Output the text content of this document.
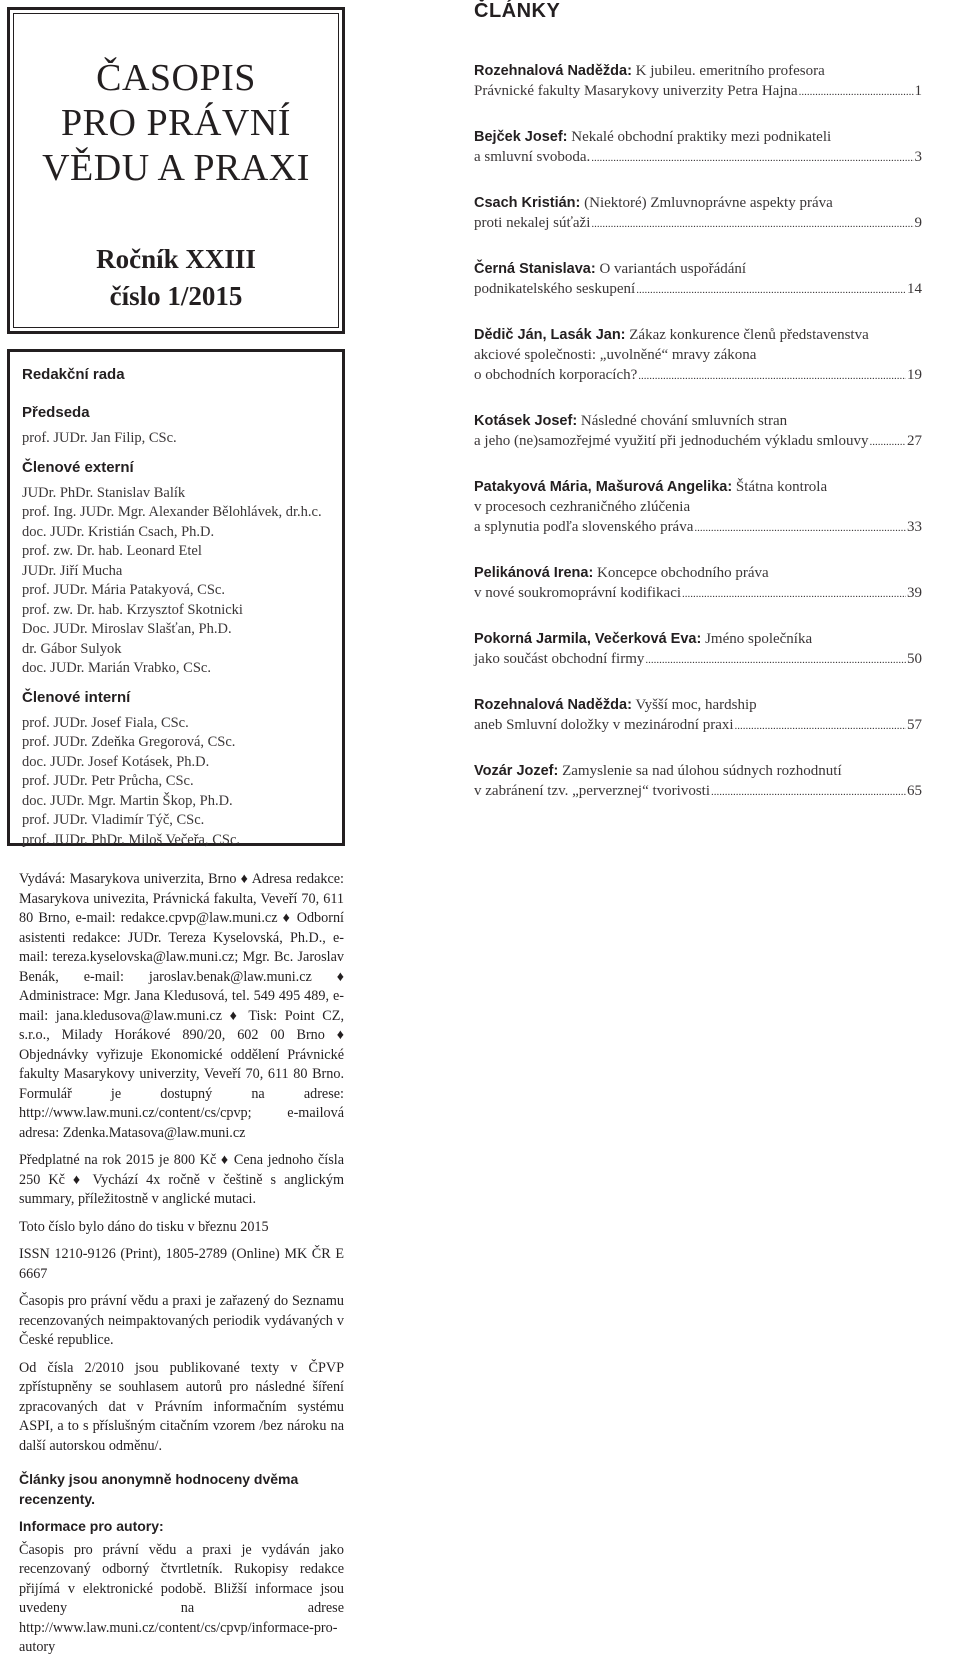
ČASOPIS
PRO PRÁVNÍ
VĚDU A PRAXI
Ročník XXIII
číslo 1/2015
Redakční rada
Předseda
prof. JUDr. Jan Filip, CSc.
Členové externí
JUDr. PhDr. Stanislav Balík
prof. Ing. JUDr. Mgr. Alexander Bělohlávek, dr.h.c.
doc. JUDr. Kristián Csach, Ph.D.
prof. zw. Dr. hab. Leonard Etel
JUDr. Jiří Mucha
prof. JUDr. Mária Patakyová, CSc.
prof. zw. Dr. hab. Krzysztof Skotnicki
Doc. JUDr. Miroslav Slašťan, Ph.D.
dr. Gábor Sulyok
doc. JUDr. Marián Vrabko, CSc.
Členové interní
prof. JUDr. Josef Fiala, CSc.
prof. JUDr. Zdeňka Gregorová, CSc.
doc. JUDr. Josef Kotásek, Ph.D.
prof. JUDr. Petr Průcha, CSc.
doc. JUDr. Mgr. Martin Škop, Ph.D.
prof. JUDr. Vladimír Týč, CSc.
prof. JUDr. PhDr. Miloš Večeřa, CSc.

Vydává: Masarykova univerzita, Brno ♦ Adresa redakce: Masarykova univezita, Právnická fakulta, Veveří 70, 611 80 Brno, e-mail: redakce.cpvp@law.muni.cz ♦ Odborní asistenti redakce: JUDr. Tereza Kyselovská, Ph.D., e-mail: tereza.kyselovska@law.muni.cz; Mgr. Bc. Jaroslav Benák, e-mail: jaroslav.benak@law.muni.cz ♦ Administrace: Mgr. Jana Kledusová, tel. 549 495 489, e-mail: jana.kledusova@law.muni.cz ♦ Tisk: Point CZ, s.r.o., Milady Horákové 890/20, 602 00 Brno ♦ Objednávky vyřizuje Ekonomické oddělení Právnické fakulty Masarykovy univerzity, Veveří 70, 611 80 Brno. Formulář je dostupný na adrese: http://www.law.muni.cz/content/cs/cpvp; e-mailová adresa: Zdenka.Matasova@law.muni.cz

Předplatné na rok 2015 je 800 Kč ♦ Cena jednoho čísla 250 Kč ♦ Vychází 4x ročně v češtině s anglickým summary, příležitostně v anglické mutaci.

Toto číslo bylo dáno do tisku v březnu 2015

ISSN 1210-9126 (Print), 1805-2789 (Online) MK ČR E 6667

Časopis pro právní vědu a praxi je zařazený do Seznamu recenzovaných neimpaktovaných periodik vydávaných v České republice.

Od čísla 2/2010 jsou publikované texty v ČPVP zpřístupněny se souhlasem autorů pro následné šíření zpracovaných dat v Právním informačním systému ASPI, a to s příslušným citačním vzorem /bez nároku na další autorskou odměnu/.

Články jsou anonymně hodnoceny dvěma recenzenty.

Informace pro autory:

Časopis pro právní vědu a praxi je vydáván jako recenzovaný odborný čtvrtletník. Rukopisy redakce přijímá v elektronické podobě. Bližší informace jsou uvedeny na adrese http://www.law.muni.cz/content/cs/cpvp/informace-pro-autory

ČLÁNKY
Rozehnalová Naděžda: K jubileu. emeritního profesora
Právnické fakulty Masarykovy univerzity Petra Hajna .....	1
Bejček Josef: Nekalé obchodní praktiky mezi podnikateli
a smluvní svoboda. .....	3
Csach Kristián: (Niektoré) Zmluvnoprávne aspekty práva
proti nekalej súťaži .....	9
Černá Stanislava: O variantách uspořádání
podnikatelského seskupení .....	14
Dědič Ján, Lasák Jan: Zákaz konkurence členů představenstva
akciové společnosti: „uvolněné“ mravy zákona
o obchodních korporacích? .....	19
Kotásek Josef: Následné chování smluvních stran
a jeho (ne)samozřejmé využití při jednoduchém výkladu smlouvy .....	27
Patakyová Mária, Mašurová Angelika: Štátna kontrola
v procesoch cezhraničného zlúčenia
a splynutia podľa slovenského práva .....	33
Pelikánová Irena: Koncepce obchodního práva
v nové soukromoprávní kodifikaci .....	39
Pokorná Jarmila, Večerková Eva: Jméno společníka
jako součást obchodní firmy .....	50
Rozehnalová Naděžda: Vyšší moc, hardship
aneb Smluvní doložky v mezinárodní praxi .....	57
Vozár Jozef: Zamyslenie sa nad úlohou súdnych rozhodnutí
v zabránení tzv. „perverznej“ tvorivosti .....	65
